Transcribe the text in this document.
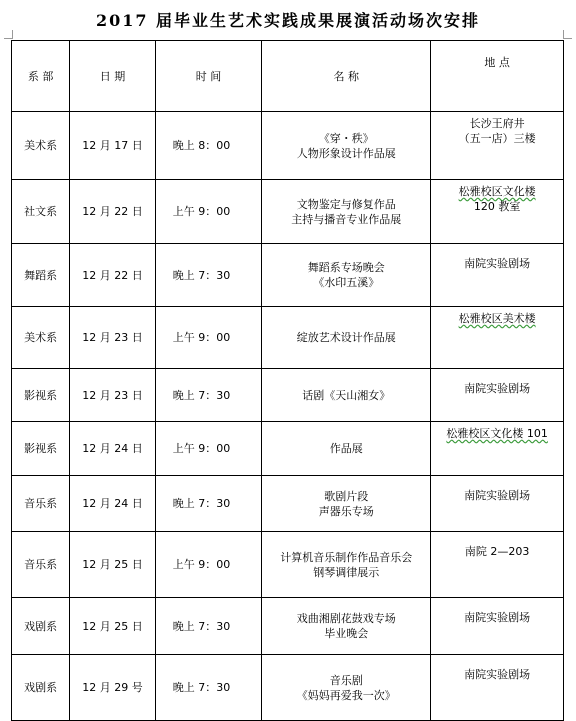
2017 届毕业生艺术实践成果展演活动场次安排
系 部	日 期	时 间	名 称	地 点
美术系	12 月 17 日	晚上 8：00	《穿・秩》
人物形象设计作品展	长沙王府井
（五一店）三楼

社文系	12 月 22 日	上午 9：00	文物鉴定与修复作品
主持与播音专业作品展	松雅校区文化楼
120 教室

舞蹈系	12 月 22 日	晚上 7：30	舞蹈系专场晚会
《水印五溪》	南院实验剧场

美术系	12 月 23 日	上午 9：00	绽放艺术设计作品展	松雅校区美术楼

影视系	12 月 23 日	晚上 7：30	话剧《天山湘女》	南院实验剧场

影视系	12 月 24 日	上午 9：00	作品展	松雅校区文化楼 101

音乐系	12 月 24 日	晚上 7：30	歌剧片段
声器乐专场	南院实验剧场

音乐系	12 月 25 日	上午 9：00	计算机音乐制作作品音乐会
钢琴调律展示	南院 2—203

戏剧系	12 月 25 日	晚上 7：30	戏曲湘剧花鼓戏专场
毕业晚会	南院实验剧场

戏剧系	12 月 29 号	晚上 7：30	音乐剧
《妈妈再爱我一次》	南院实验剧场
